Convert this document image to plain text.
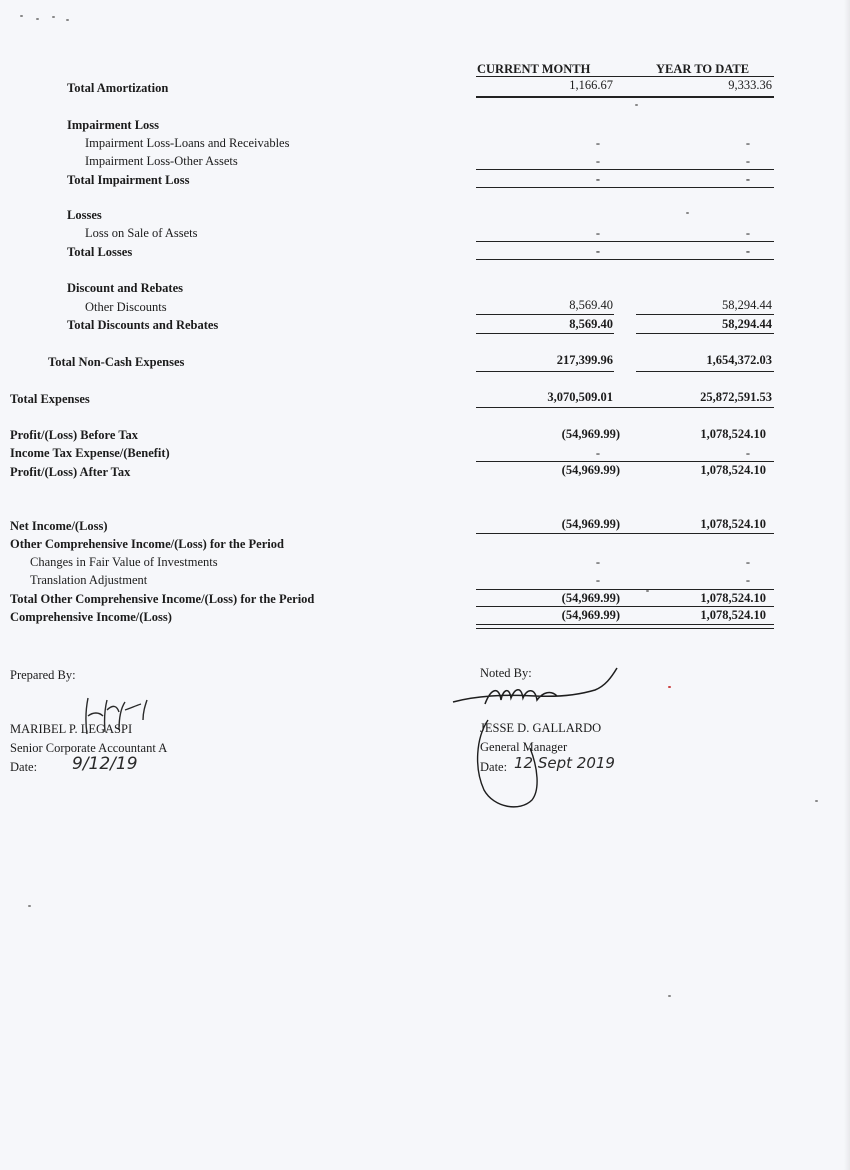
CURRENT MONTH	YEAR TO DATE
Total Amortization	1,166.67	9,333.36
Impairment Loss
Impairment Loss-Loans and Receivables	-	-
Impairment Loss-Other Assets	-	-
Total Impairment Loss	-	-
Losses
Loss on Sale of Assets	-	-
Total Losses	-	-
Discount and Rebates
Other Discounts	8,569.40	58,294.44
Total Discounts and Rebates	8,569.40	58,294.44
Total Non-Cash Expenses	217,399.96	1,654,372.03
Total Expenses	3,070,509.01	25,872,591.53
Profit/(Loss) Before Tax	(54,969.99)	1,078,524.10
Income Tax Expense/(Benefit)	-	-
Profit/(Loss) After Tax	(54,969.99)	1,078,524.10
Net Income/(Loss)	(54,969.99)	1,078,524.10
Other Comprehensive Income/(Loss) for the Period
Changes in Fair Value of Investments	-	-
Translation Adjustment	-	-
Total Other Comprehensive Income/(Loss) for the Period	(54,969.99)	1,078,524.10
Comprehensive Income/(Loss)	(54,969.99)	1,078,524.10
Prepared By:
MARIBEL P. LEGASPI
Senior Corporate Accountant A
Date: 9/12/19
Noted By:
JESSE D. GALLARDO
General Manager
Date: 12 Sept 2019
